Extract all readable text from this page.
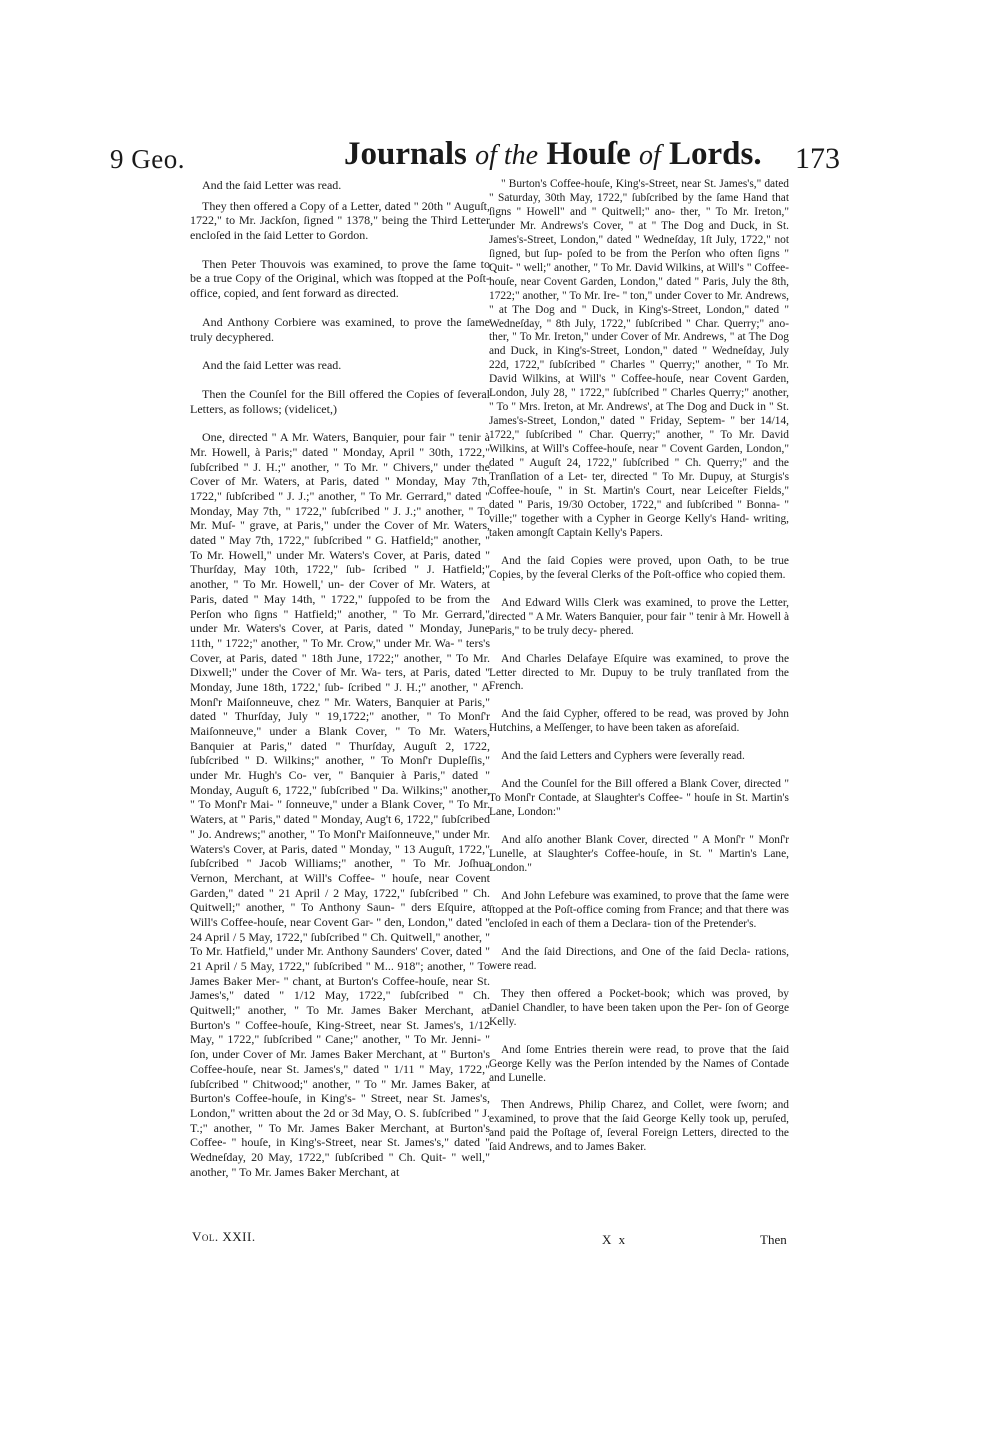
9 Geo.	Journals of the Houſe of Lords. 173

And the ſaid Letter was read.

They then offered a Copy of a Letter, dated " 20th " Auguſt, 1722," to Mr. Jackſon, ſigned " 1378," being the Third Letter encloſed in the ſaid Letter to Gordon.

Then Peter Thouvois was examined, to prove the ſame to be a true Copy of the Original, which was ſtopped at the Poſt-office, copied, and ſent forward as directed.

And Anthony Corbiere was examined, to prove the ſame truly decyphered.

And the ſaid Letter was read.

Then the Counſel for the Bill offered the Copies of ſeveral Letters, as follows; (videlicet,)

One, directed " A Mr. Waters, Banquier, pour fair " tenir à Mr. Howell, à Paris;" dated " Monday, April " 30th, 1722," ſubſcribed " J. H.;" another, " To Mr. " Chivers," under the Cover of Mr. Waters, at Paris, dated " Monday, May 7th, 1722," ſubſcribed " J. J.;" another, " To Mr. Gerrard," dated " Monday, May 7th, " 1722," ſubſcribed " J. J.;" another, " To Mr. Muſ- " grave, at Paris," under the Cover of Mr. Waters, dated " May 7th, 1722," ſubſcribed " G. Hatfield;" another, " To Mr. Howell," under Mr. Waters's Cover, at Paris, dated " Thurſday, May 10th, 1722," ſub- ſcribed " J. Hatfield;" another, " To Mr. Howell,' un- der Cover of Mr. Waters, at Paris, dated " May 14th, " 1722," ſuppoſed to be from the Perſon who ſigns " Hatfield;" another, " To Mr. Gerrard," under Mr. Waters's Cover, at Paris, dated " Monday, June 11th, " 1722;" another, " To Mr. Crow," under Mr. Wa- " ters's Cover, at Paris, dated " 18th June, 1722;" another, " To Mr. Dixwell;" under the Cover of Mr. Wa- ters, at Paris, dated " Monday, June 18th, 1722,' ſub- ſcribed " J. H.;" another, " A Monſ'r Maiſonneuve, chez " Mr. Waters, Banquier at Paris," dated " Thurſday, July " 19,1722;" another, " To Monſ'r Maiſonneuve," under a Blank Cover, " To Mr. Waters, Banquier at Paris," dated " Thurſday, Auguſt 2, 1722, ſubſcribed " D. Wilkins;" another, " To Monſ'r Dupleſſis," under Mr. Hugh's Co- ver, " Banquier à Paris," dated " Monday, Auguſt 6, 1722," ſubſcribed " Da. Wilkins;" another, " To Monſ'r Mai- " ſonneuve," under a Blank Cover, " To Mr. Waters, at " Paris," dated " Monday, Aug't 6, 1722," ſubſcribed " Jo. Andrews;" another, " To Monſ'r Maiſonneuve," under Mr. Waters's Cover, at Paris, dated " Monday, " 13 Auguſt, 1722," ſubſcribed " Jacob Williams;" another, " To Mr. Joſhua Vernon, Merchant, at Will's Coffee- " houſe, near Covent Garden," dated " 21 April / 2 May, 1722," ſubſcribed " Ch. Quitwell;" another, " To Anthony Saun- " ders Eſquire, at Will's Coffee-houſe, near Covent Gar- " den, London," dated " 24 April / 5 May, 1722," ſubſcribed " Ch. Quitwell," another, " To Mr. Hatfield," under Mr. Anthony Saunders' Cover, dated " 21 April / 5 May, 1722," ſubſcribed " M... 918"; another, " To James Baker Mer- " chant, at Burton's Coffee-houſe, near St. James's," dated " 1/12 May, 1722," ſubſcribed " Ch. Quitwell;" another, " To Mr. James Baker Merchant, at Burton's " Coffee-houſe, King-Street, near St. James's, 1/12 May, " 1722," ſubſcribed " Cane;" another, " To Mr. Jenni- " ſon, under Cover of Mr. James Baker Merchant, at " Burton's Coffee-houſe, near St. James's," dated " 1/11 " May, 1722," ſubſcribed " Chitwood;" another, " To " Mr. James Baker, at Burton's Coffee-houſe, in King's- " Street, near St. James's, London," written about the 2d or 3d May, O. S. ſubſcribed " J. T.;" another, " To Mr. James Baker Merchant, at Burton's Coffee- " houſe, in King's-Street, near St. James's," dated " Wedneſday, 20 May, 1722," ſubſcribed " Ch. Quit- " well," another, " To Mr. James Baker Merchant, at

" Burton's Coffee-houſe, King's-Street, near St. James's," dated " Saturday, 30th May, 1722," ſubſcribed by the ſame Hand that ſigns " Howell" and " Quitwell;" ano- ther, " To Mr. Ireton," under Mr. Andrews's Cover, " at " The Dog and Duck, in St. James's-Street, London," dated " Wedneſday, 1ſt July, 1722," not ſigned, but ſup- poſed to be from the Perſon who often ſigns " Quit- " well;" another, " To Mr. David Wilkins, at Will's " Coffee-houſe, near Covent Garden, London," dated " Paris, July the 8th, 1722;" another, " To Mr. Ire- " ton," under Cover to Mr. Andrews, " at The Dog and " Duck, in King's-Street, London," dated " Wedneſday, " 8th July, 1722," ſubſcribed " Char. Querry;" ano- ther, " To Mr. Ireton," under Cover of Mr. Andrews, " at The Dog and Duck, in King's-Street, London," dated " Wedneſday, July 22d, 1722," ſubſcribed " Charles " Querry;" another, " To Mr. David Wilkins, at Will's " Coffee-houſe, near Covent Garden, London, July 28, " 1722," ſubſcribed " Charles Querry;" another, " To " Mrs. Ireton, at Mr. Andrews', at The Dog and Duck in " St. James's-Street, London," dated " Friday, Septem- " ber 14/14, 1722," ſubſcribed " Char. Querry;" another, " To Mr. David Wilkins, at Will's Coffee-houſe, near " Covent Garden, London," dated " Auguſt 24, 1722," ſubſcribed " Ch. Querry;" and the Tranſlation of a Let- ter, directed " To Mr. Dupuy, at Sturgis's Coffee-houſe, " in St. Martin's Court, near Leiceſter Fields," dated " Paris, 19/30 October, 1722," and ſubſcribed " Bonna- " ville;" together with a Cypher in George Kelly's Hand- writing, taken amongſt Captain Kelly's Papers.

And the ſaid Copies were proved, upon Oath, to be true Copies, by the ſeveral Clerks of the Poſt-office who copied them.

And Edward Wills Clerk was examined, to prove the Letter, directed " A Mr. Waters Banquier, pour fair " tenir à Mr. Howell à Paris," to be truly decy- phered.

And Charles Delafaye Eſquire was examined, to prove the Letter directed to Mr. Dupuy to be truly tranſlated from the French.

And the ſaid Cypher, offered to be read, was proved by John Hutchins, a Meſſenger, to have been taken as aforeſaid.

And the ſaid Letters and Cyphers were ſeverally read.

And the Counſel for the Bill offered a Blank Cover, directed " To Monſ'r Contade, at Slaughter's Coffee- " houſe in St. Martin's Lane, London:"

And alſo another Blank Cover, directed " A Monſ'r " Monſ'r Lunelle, at Slaughter's Coffee-houſe, in St. " Martin's Lane, London."

And John Lefebure was examined, to prove that the ſame were ſtopped at the Poſt-office coming from France; and that there was encloſed in each of them a Declara- tion of the Pretender's.

And the ſaid Directions, and One of the ſaid Decla- rations, were read.

They then offered a Pocket-book; which was proved, by Daniel Chandler, to have been taken upon the Per- ſon of George Kelly.

And ſome Entries therein were read, to prove that the ſaid George Kelly was the Perſon intended by the Names of Contade and Lunelle.

Then Andrews, Philip Charez, and Collet, were ſworn; and examined, to prove that the ſaid George Kelly took up, peruſed, and paid the Poſtage of, ſeveral Foreign Letters, directed to the ſaid Andrews, and to James Baker.

Vol. XXII.	X x	Then
